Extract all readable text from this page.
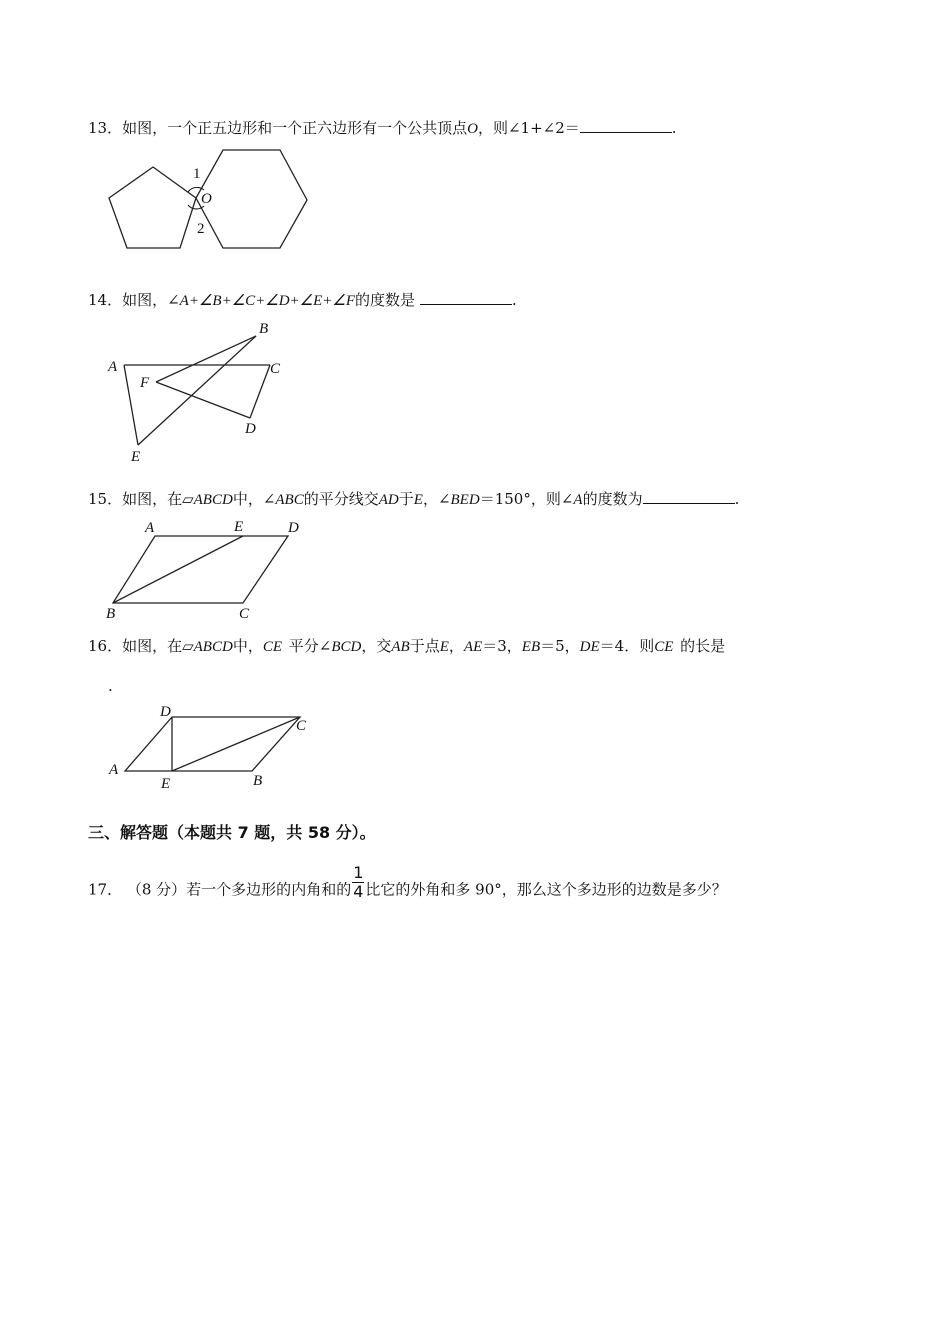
13．如图，一个正五边形和一个正六边形有一个公共顶点O，则∠1+∠2＝	.
1
O
2
14．如图，∠A+∠B+∠C+∠D+∠E+∠F的度数是	.
A
B
C
D
E
F
15．如图，在▱ABCD中，∠ABC的平分线交AD于E，∠BED＝150°，则∠A的度数为	.
A	E	D
B	C
16．如图，在▱ABCD中，CE 平分∠BCD，交AB于点E，AE＝3，EB＝5，DE＝4．则CE 的长是
.
D
C
A
E	B
三、解答题（本题共 7 题，共 58 分）。
17． （8 分）若一个多边形的内角和的 $\frac{1}{4}$ 比它的外角和多 90°，那么这个多边形的边数是多少？
